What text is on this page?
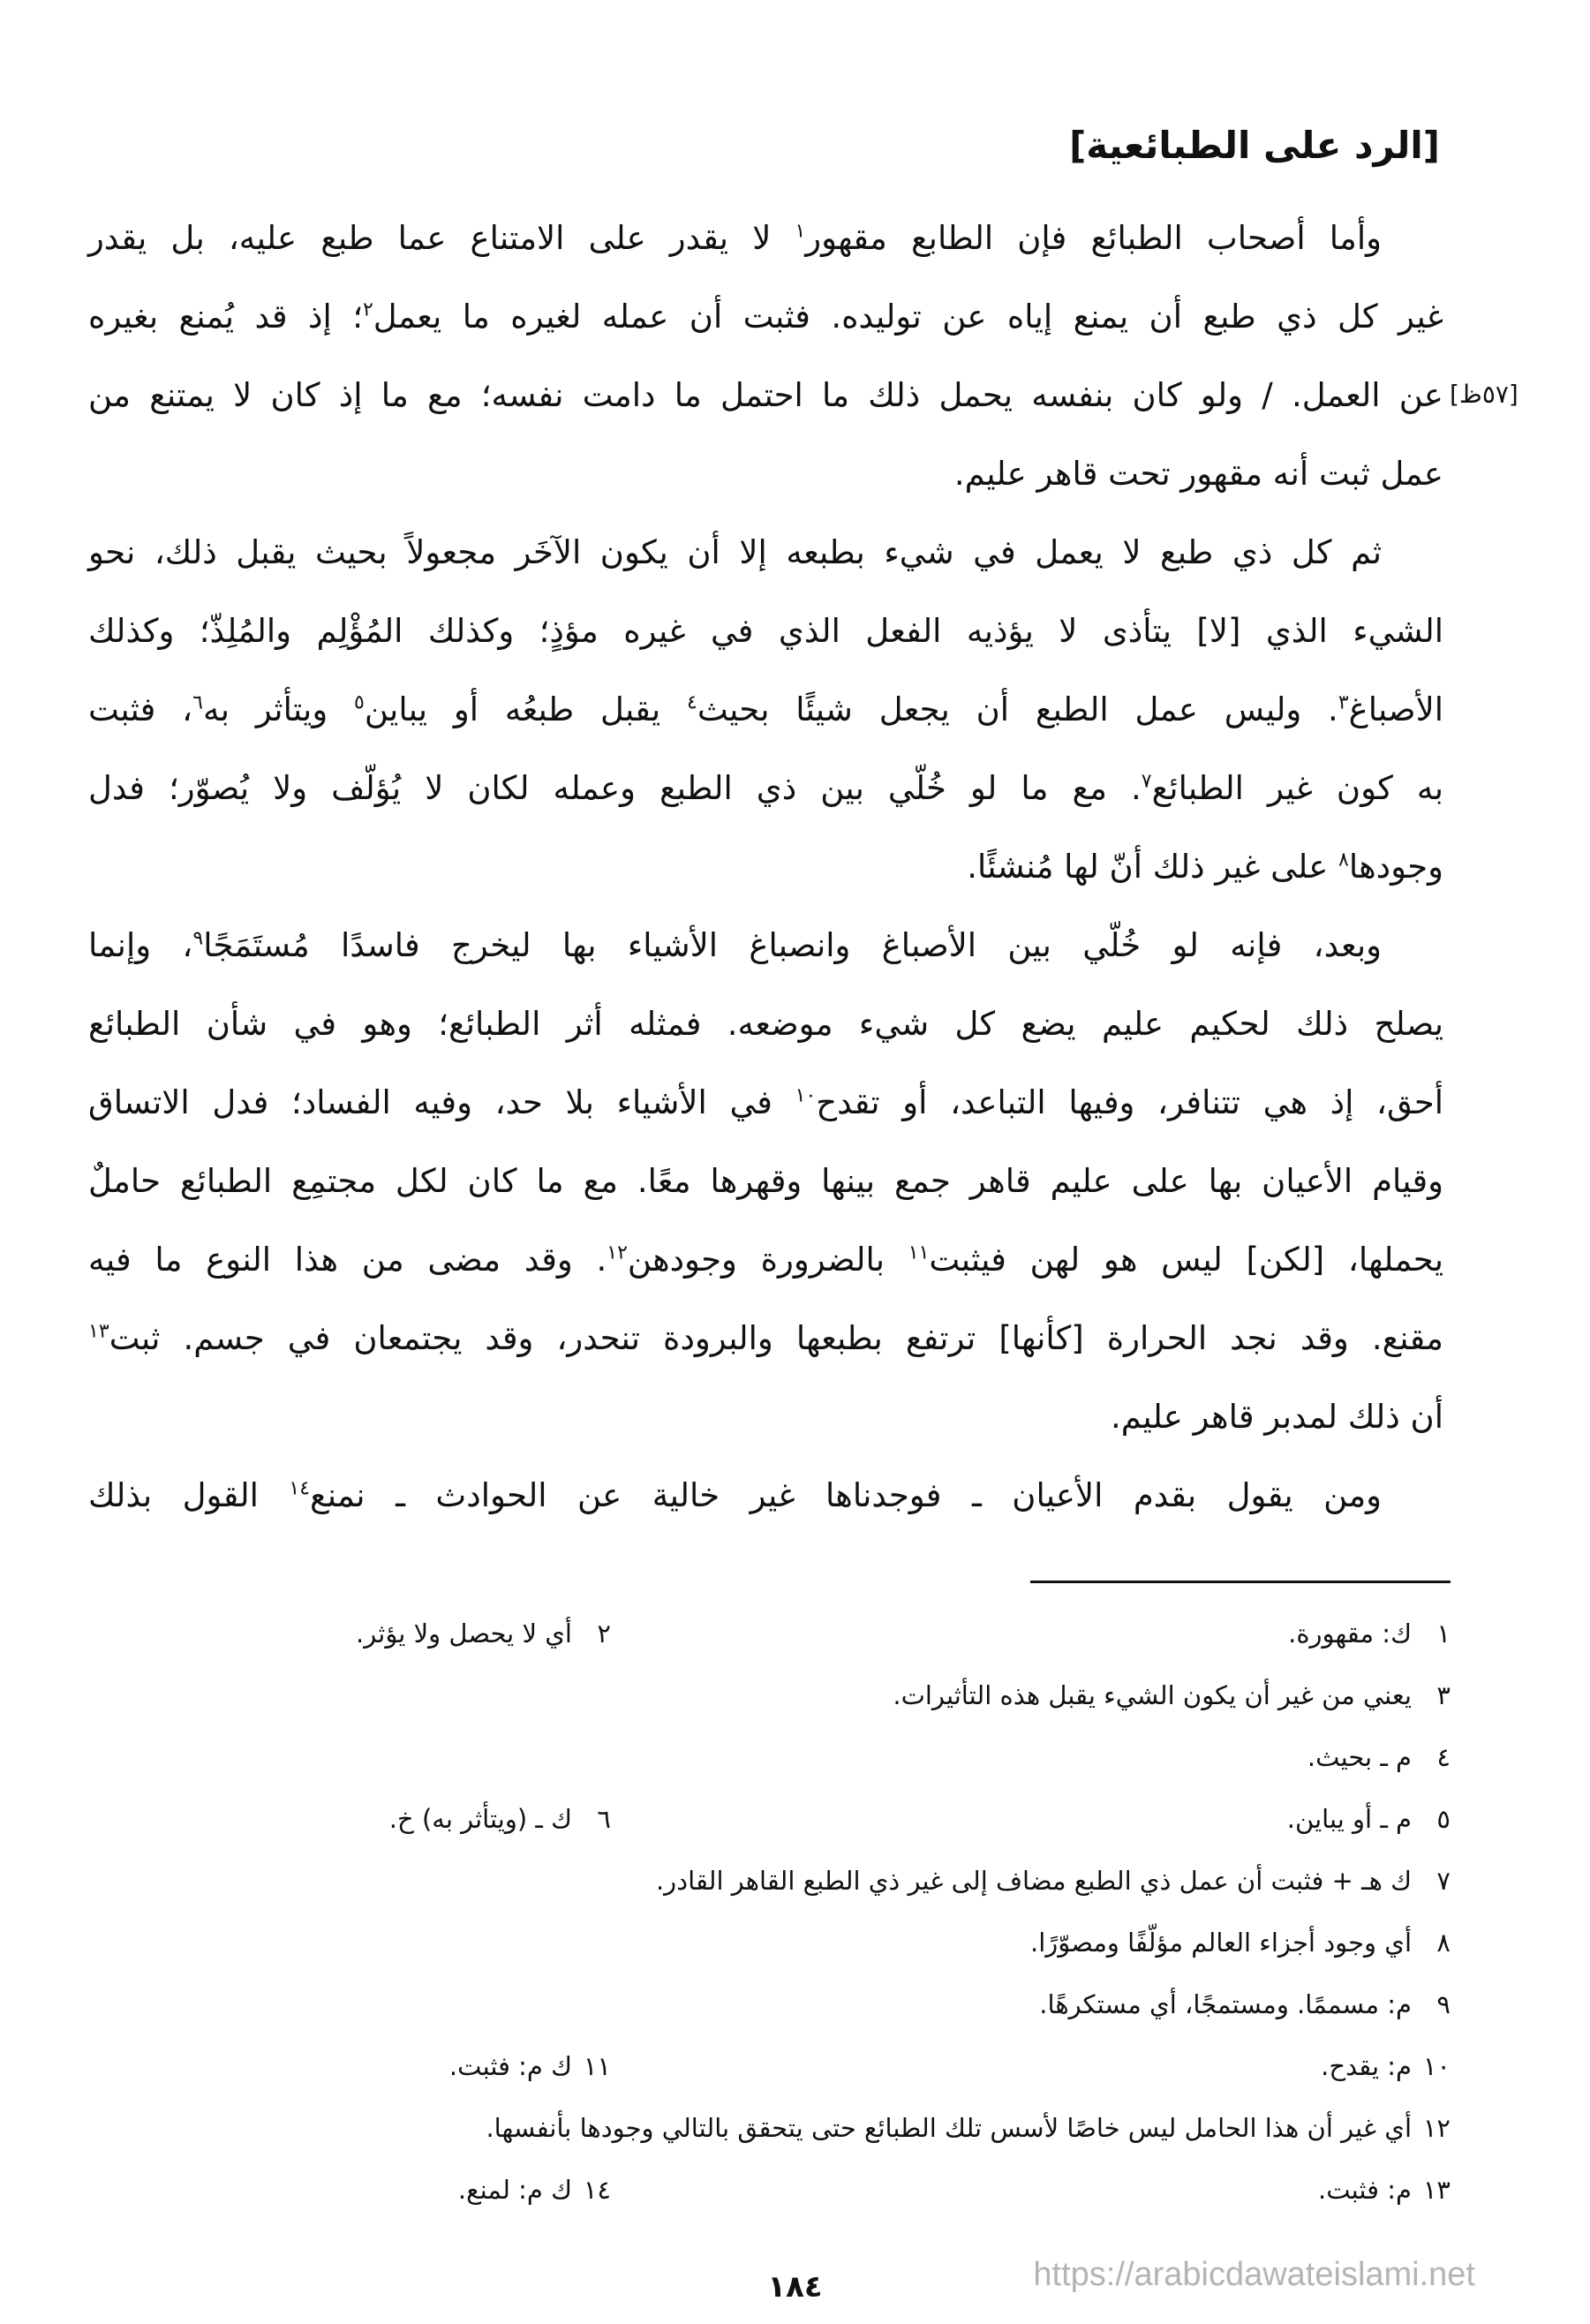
[الرد على الطبائعية]
وأما أصحاب الطبائع فإن الطابع مقهور$^١$ لا يقدر على الامتناع عما طبع عليه، بل يقدر
غير كل ذي طبع أن يمنع إياه عن توليده. فثبت أن عمله لغيره ما يعمل$^٢$؛ إذ قد يُمنع بغيره
عن العمل. / ولو كان بنفسه يحمل ذلك ما احتمل ما دامت نفسه؛ مع ما إذ كان لا يمتنع من
عمل ثبت أنه مقهور تحت قاهر عليم.
ثم كل ذي طبع لا يعمل في شيء بطبعه إلا أن يكون الآخَر مجعولاً بحيث يقبل ذلك، نحو
الشيء الذي [لا] يتأذى لا يؤذيه الفعل الذي في غيره مؤذٍ؛ وكذلك المُؤْلِم والمُلِذّ؛ وكذلك
الأصباغ$^٣$. وليس عمل الطبع أن يجعل شيئًا بحيث$^٤$ يقبل طبعُه أو يباين$^٥$ ويتأثر به$^٦$، فثبت
به كون غير الطبائع$^٧$. مع ما لو خُلّي بين ذي الطبع وعمله لكان لا يُؤلّف ولا يُصوّر؛ فدل
وجودها$^٨$ على غير ذلك أنّ لها مُنشئًا.
وبعد، فإنه لو خُلّي بين الأصباغ وانصباغ الأشياء بها ليخرج فاسدًا مُستَمَجًا$^٩$، وإنما
يصلح ذلك لحكيم عليم يضع كل شيء موضعه. فمثله أثر الطبائع؛ وهو في شأن الطبائع
أحق، إذ هي تتنافر، وفيها التباعد، أو تقدح$^{١٠}$ في الأشياء بلا حد، وفيه الفساد؛ فدل الاتساق
وقيام الأعيان بها على عليم قاهر جمع بينها وقهرها معًا. مع ما كان لكل مجتمِع الطبائع حاملٌ
يحملها، [لكن] ليس هو لهن فيثبت$^{١١}$ بالضرورة وجودهن$^{١٢}$. وقد مضى من هذا النوع ما فيه
مقنع. وقد نجد الحرارة [كأنها] ترتفع بطبعها والبرودة تنحدر، وقد يجتمعان في جسم. ثبت$^{١٣}$
أن ذلك لمدبر قاهر عليم.
ومن يقول بقدم الأعيان ـ فوجدناها غير خالية عن الحوادث ـ نمنع$^{١٤}$ القول بذلك
[٥٧ظ]
١ك: مقهورة.
٢أي لا يحصل ولا يؤثر.
٣يعني من غير أن يكون الشيء يقبل هذه التأثيرات.
٤م ـ بحيث.
٥م ـ أو يباين.
٦ك ـ (ويتأثر به) خ.
٧ك هـ + فثبت أن عمل ذي الطبع مضاف إلى غير ذي الطبع القاهر القادر.
٨أي وجود أجزاء العالم مؤلّفًا ومصوّرًا.
٩م: مسممًا. ومستمجًا، أي مستكرهًا.
١٠م: يقدح.
١١ك م: فثبت.
١٢أي غير أن هذا الحامل ليس خاصًا لأسس تلك الطبائع حتى يتحقق بالتالي وجودها بأنفسها.
١٣م: فثبت.
١٤ك م: لمنع.
https://arabicdawateislami.net
١٨٤
